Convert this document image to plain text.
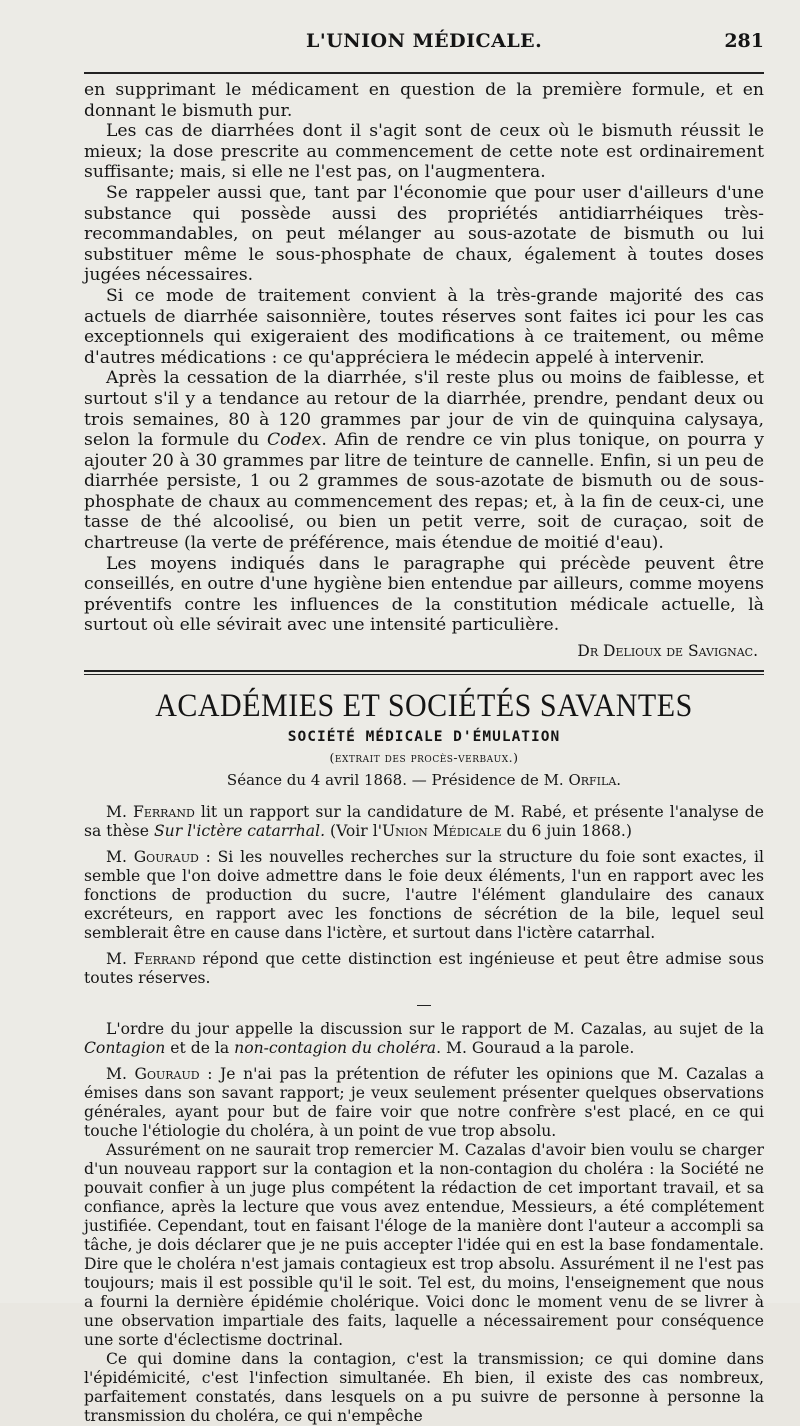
L'UNION MÉDICALE.	281

en supprimant le médicament en question de la première formule, et en donnant le bismuth pur.

Les cas de diarrhées dont il s'agit sont de ceux où le bismuth réussit le mieux; la dose prescrite au commencement de cette note est ordinairement suffisante; mais, si elle ne l'est pas, on l'augmentera.

Se rappeler aussi que, tant par l'économie que pour user d'ailleurs d'une substance qui possède aussi des propriétés antidiarrhéiques très-recommandables, on peut mélanger au sous-azotate de bismuth ou lui substituer même le sous-phosphate de chaux, également à toutes doses jugées nécessaires.

Si ce mode de traitement convient à la très-grande majorité des cas actuels de diarrhée saisonnière, toutes réserves sont faites ici pour les cas exceptionnels qui exigeraient des modifications à ce traitement, ou même d'autres médications : ce qu'appréciera le médecin appelé à intervenir.

Après la cessation de la diarrhée, s'il reste plus ou moins de faiblesse, et surtout s'il y a tendance au retour de la diarrhée, prendre, pendant deux ou trois semaines, 80 à 120 grammes par jour de vin de quinquina calysaya, selon la formule du Codex. Afin de rendre ce vin plus tonique, on pourra y ajouter 20 à 30 grammes par litre de teinture de cannelle. Enfin, si un peu de diarrhée persiste, 1 ou 2 grammes de sous-azotate de bismuth ou de sous-phosphate de chaux au commencement des repas; et, à la fin de ceux-ci, une tasse de thé alcoolisé, ou bien un petit verre, soit de curaçao, soit de chartreuse (la verte de préférence, mais étendue de moitié d'eau).

Les moyens indiqués dans le paragraphe qui précède peuvent être conseillés, en outre d'une hygiène bien entendue par ailleurs, comme moyens préventifs contre les influences de la constitution médicale actuelle, là surtout où elle sévirait avec une intensité particulière.

Dr Delioux de Savignac.
ACADÉMIES ET SOCIÉTÉS SAVANTES
SOCIÉTÉ MÉDICALE D'ÉMULATION
(extrait des procès-verbaux.)
Séance du 4 avril 1868. — Présidence de M. Orfila.

M. Ferrand lit un rapport sur la candidature de M. Rabé, et présente l'analyse de sa thèse Sur l'ictère catarrhal. (Voir l'Union Médicale du 6 juin 1868.)

M. Gouraud : Si les nouvelles recherches sur la structure du foie sont exactes, il semble que l'on doive admettre dans le foie deux éléments, l'un en rapport avec les fonctions de production du sucre, l'autre l'élément glandulaire des canaux excréteurs, en rapport avec les fonctions de sécrétion de la bile, lequel seul semblerait être en cause dans l'ictère, et surtout dans l'ictère catarrhal.

M. Ferrand répond que cette distinction est ingénieuse et peut être admise sous toutes réserves.

L'ordre du jour appelle la discussion sur le rapport de M. Cazalas, au sujet de la Contagion et de la non-contagion du choléra. M. Gouraud a la parole.

M. Gouraud : Je n'ai pas la prétention de réfuter les opinions que M. Cazalas a émises dans son savant rapport; je veux seulement présenter quelques observations générales, ayant pour but de faire voir que notre confrère s'est placé, en ce qui touche l'étiologie du choléra, à un point de vue trop absolu.

Assurément on ne saurait trop remercier M. Cazalas d'avoir bien voulu se charger d'un nouveau rapport sur la contagion et la non-contagion du choléra : la Société ne pouvait confier à un juge plus compétent la rédaction de cet important travail, et sa confiance, après la lecture que vous avez entendue, Messieurs, a été complétement justifiée. Cependant, tout en faisant l'éloge de la manière dont l'auteur a accompli sa tâche, je dois déclarer que je ne puis accepter l'idée qui en est la base fondamentale. Dire que le choléra n'est jamais contagieux est trop absolu. Assurément il ne l'est pas toujours; mais il est possible qu'il le soit. Tel est, du moins, l'enseignement que nous a fourni la dernière épidémie cholérique. Voici donc le moment venu de se livrer à une observation impartiale des faits, laquelle a nécessairement pour conséquence une sorte d'éclectisme doctrinal.

Ce qui domine dans la contagion, c'est la transmission; ce qui domine dans l'épidémicité, c'est l'infection simultanée. Eh bien, il existe des cas nombreux, parfaitement constatés, dans lesquels on a pu suivre de personne à personne la transmission du choléra, ce qui n'empêche
